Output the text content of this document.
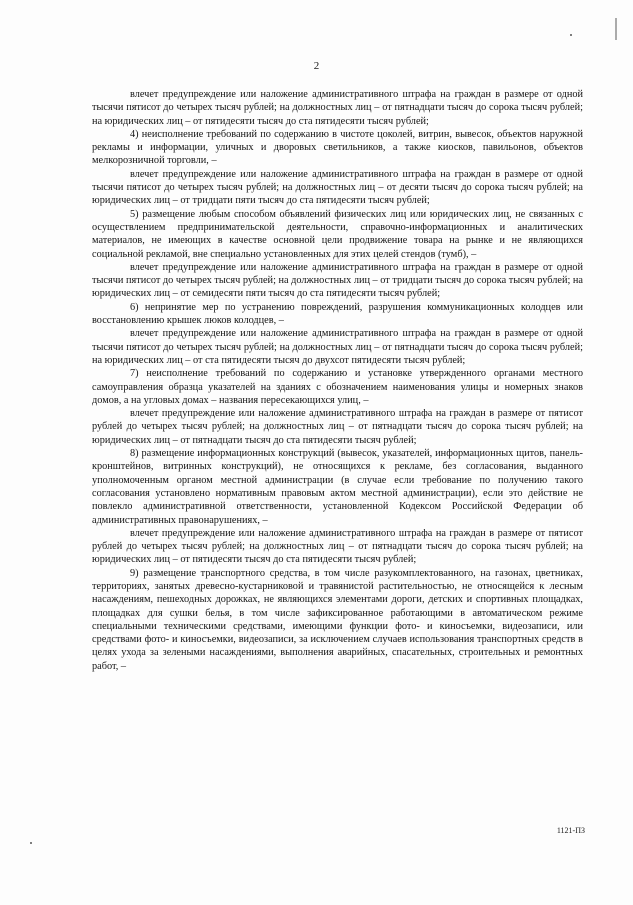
2

влечет предупреждение или наложение административного штрафа на граждан в размере от одной тысячи пятисот до четырех тысяч рублей; на должностных лиц – от пятнадцати тысяч до сорока тысяч рублей; на юридических лиц – от пятидесяти тысяч до ста пятидесяти тысяч рублей;

4) неисполнение требований по содержанию в чистоте цоколей, витрин, вывесок, объектов наружной рекламы и информации, уличных и дворовых светильников, а также киосков, павильонов, объектов мелкорозничной торговли, –

влечет предупреждение или наложение административного штрафа на граждан в размере от одной тысячи пятисот до четырех тысяч рублей; на должностных лиц – от десяти тысяч до сорока тысяч рублей; на юридических лиц – от тридцати пяти тысяч до ста пятидесяти тысяч рублей;

5) размещение любым способом объявлений физических лиц или юридических лиц, не связанных с осуществлением предпринимательской деятельности, справочно-информационных и аналитических материалов, не имеющих в качестве основной цели продвижение товара на рынке и не являющихся социальной рекламой, вне специально установленных для этих целей стендов (тумб), –

влечет предупреждение или наложение административного штрафа на граждан в размере от одной тысячи пятисот до четырех тысяч рублей; на должностных лиц – от тридцати тысяч до сорока тысяч рублей; на юридических лиц – от семидесяти пяти тысяч до ста пятидесяти тысяч рублей;

6) непринятие мер по устранению повреждений, разрушения коммуникационных колодцев или восстановлению крышек люков колодцев, –

влечет предупреждение или наложение административного штрафа на граждан в размере от одной тысячи пятисот до четырех тысяч рублей; на должностных лиц – от пятнадцати тысяч до сорока тысяч рублей; на юридических лиц – от ста пятидесяти тысяч до двухсот пятидесяти тысяч рублей;

7) неисполнение требований по содержанию и установке утвержденного органами местного самоуправления образца указателей на зданиях с обозначением наименования улицы и номерных знаков домов, а на угловых домах – названия пересекающихся улиц, –

влечет предупреждение или наложение административного штрафа на граждан в размере от пятисот рублей до четырех тысяч рублей; на должностных лиц – от пятнадцати тысяч до сорока тысяч рублей; на юридических лиц – от пятнадцати тысяч до ста пятидесяти тысяч рублей;

8) размещение информационных конструкций (вывесок, указателей, информационных щитов, панель-кронштейнов, витринных конструкций), не относящихся к рекламе, без согласования, выданного уполномоченным органом местной администрации (в случае если требование по получению такого согласования установлено нормативным правовым актом местной администрации), если это действие не повлекло административной ответственности, установленной Кодексом Российской Федерации об административных правонарушениях, –

влечет предупреждение или наложение административного штрафа на граждан в размере от пятисот рублей до четырех тысяч рублей; на должностных лиц – от пятнадцати тысяч до сорока тысяч рублей; на юридических лиц – от пятидесяти тысяч до ста пятидесяти тысяч рублей;

9) размещение транспортного средства, в том числе разукомплектованного, на газонах, цветниках, территориях, занятых древесно-кустарниковой и травянистой растительностью, не относящейся к лесным насаждениям, пешеходных дорожках, не являющихся элементами дороги, детских и спортивных площадках, площадках для сушки белья, в том числе зафиксированное работающими в автоматическом режиме специальными техническими средствами, имеющими функции фото- и киносъемки, видеозаписи, или средствами фото- и киносъемки, видеозаписи, за исключением случаев использования транспортных средств в целях ухода за зелеными насаждениями, выполнения аварийных, спасательных, строительных и ремонтных работ, –

1121-ПЗ
